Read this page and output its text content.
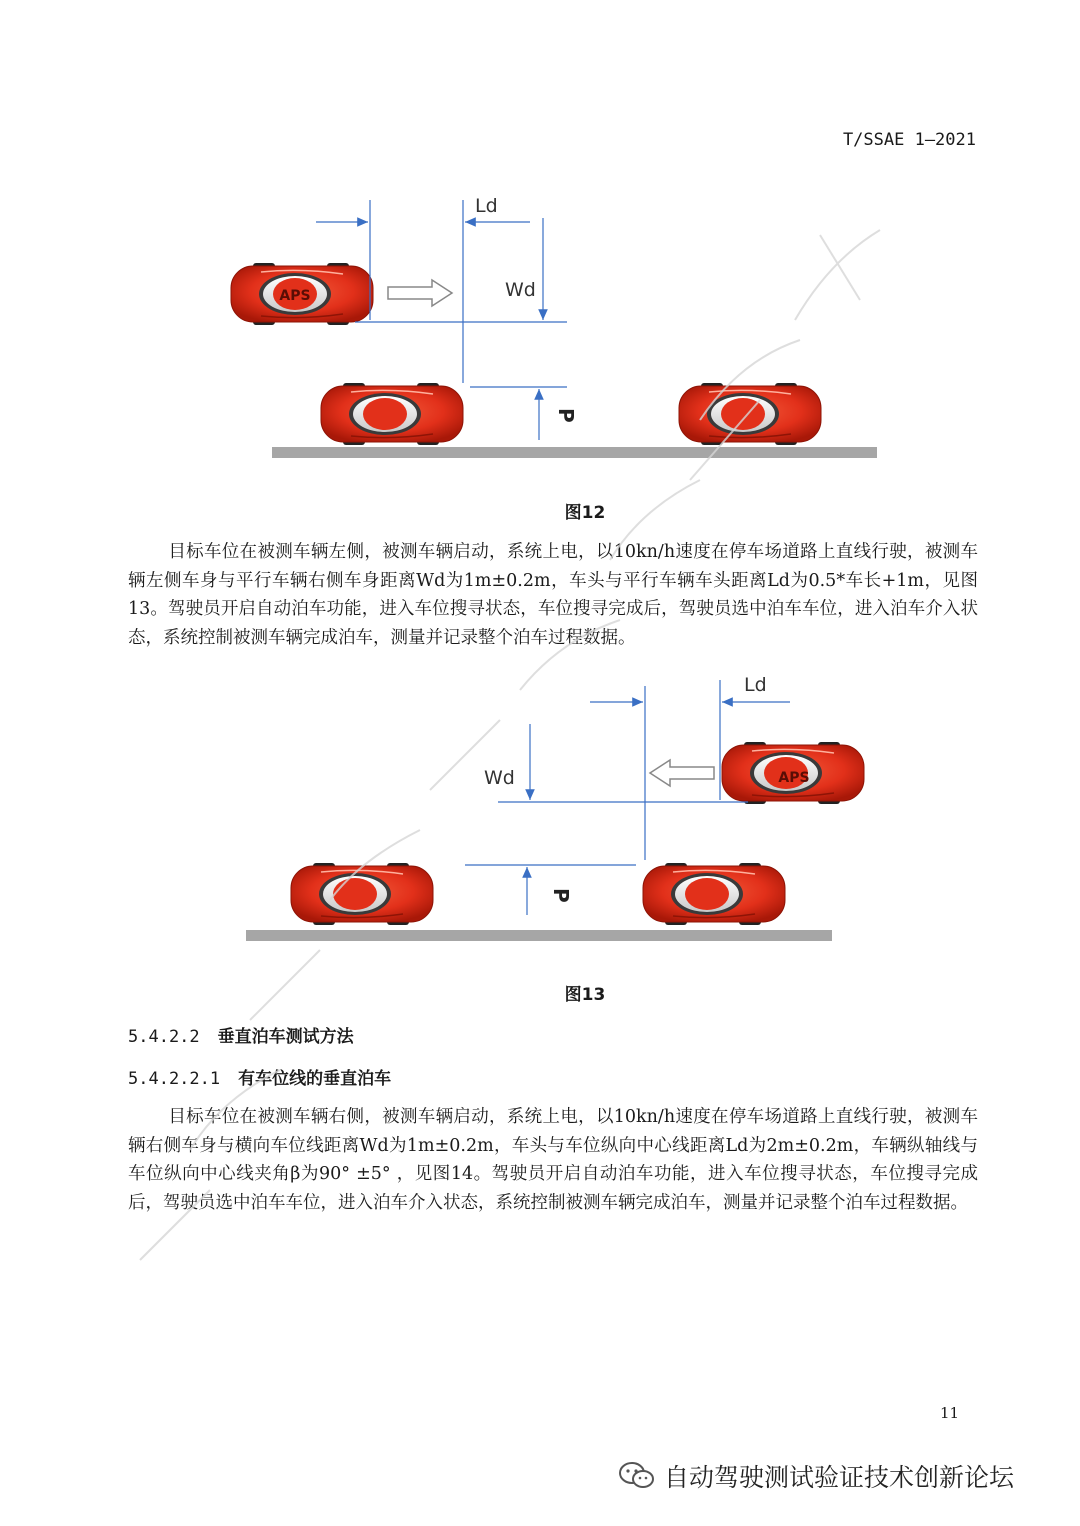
T/SSAE 1—2021
APS
Ld
Wd
P
APS
Ld
Wd
P
图12
图13
目标车位在被测车辆左侧，被测车辆启动，系统上电，以10kn/h速度在停车场道路上直线行驶，被测车辆左侧车身与平行车辆右侧车身距离Wd为1m±0.2m，车头与平行车辆车头距离Ld为0.5*车长+1m，见图13。驾驶员开启自动泊车功能，进入车位搜寻状态，车位搜寻完成后，驾驶员选中泊车车位，进入泊车介入状态，系统控制被测车辆完成泊车，测量并记录整个泊车过程数据。
5.4.2.2 垂直泊车测试方法
5.4.2.2.1 有车位线的垂直泊车
目标车位在被测车辆右侧，被测车辆启动，系统上电，以10kn/h速度在停车场道路上直线行驶，被测车辆右侧车身与横向车位线距离Wd为1m±0.2m，车头与车位纵向中心线距离Ld为2m±0.2m，车辆纵轴线与车位纵向中心线夹角β为90° ±5° ，见图14。驾驶员开启自动泊车功能，进入车位搜寻状态，车位搜寻完成后，驾驶员选中泊车车位，进入泊车介入状态，系统控制被测车辆完成泊车，测量并记录整个泊车过程数据。
11
自动驾驶测试验证技术创新论坛
